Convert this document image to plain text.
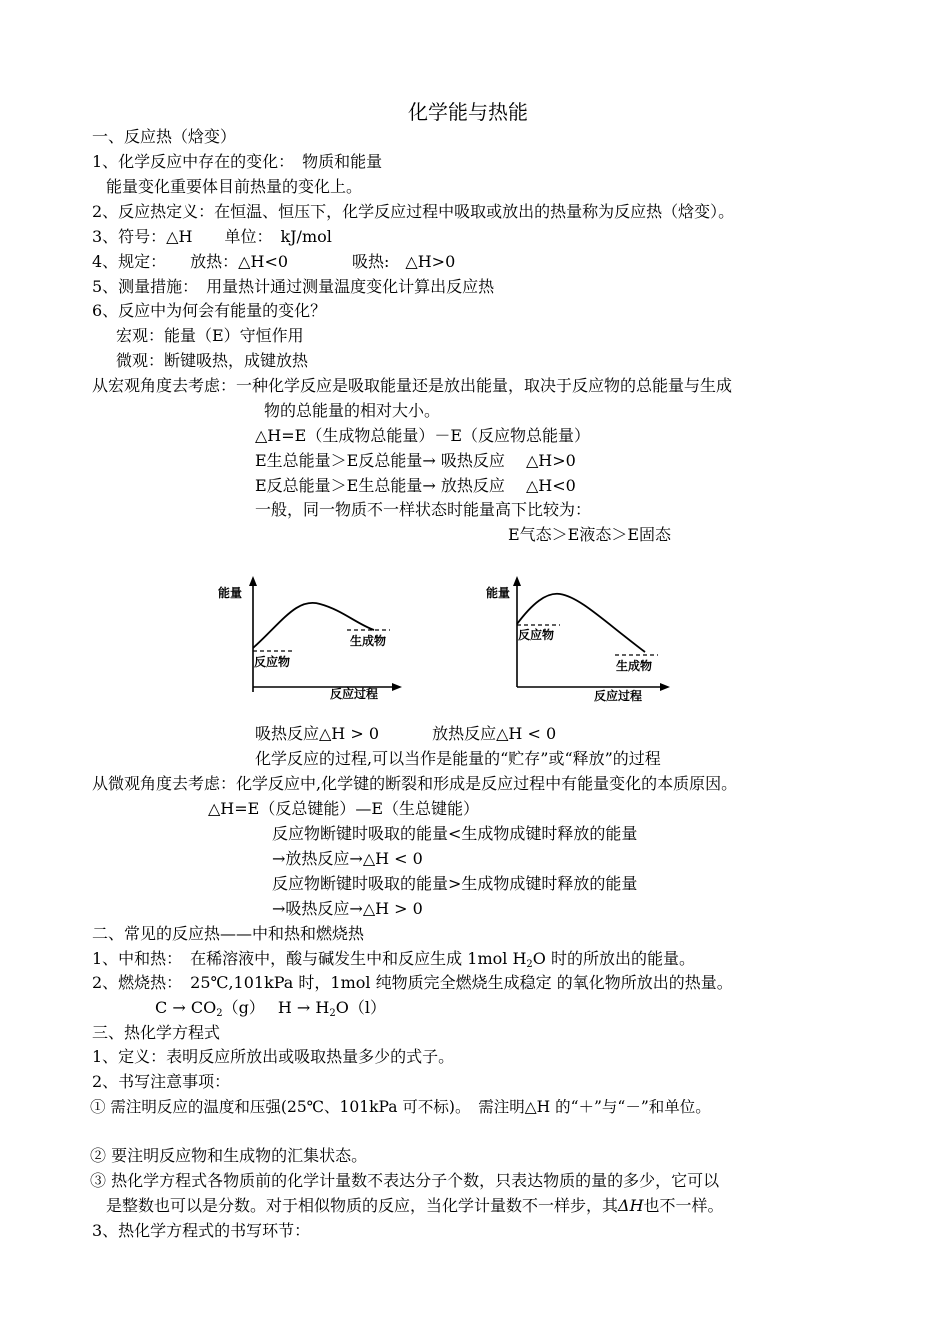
化学能与热能
一、反应热（焓变）
1、化学反应中存在的变化：　物质和能量
能量变化重要体目前热量的变化上。
2、反应热定义：在恒温、恒压下，化学反应过程中吸取或放出的热量称为反应热（焓变）。
3、符号：△H　　单位：　kJ/mol
4、规定：　　放热：△H<0　　　　吸热:　△H>0
5、测量措施：　用量热计通过测量温度变化计算出反应热
6、反应中为何会有能量的变化？
宏观：能量（E）守恒作用
微观：断键吸热，成键放热
从宏观角度去考虑：一种化学反应是吸取能量还是放出能量，取决于反应物的总能量与生成
物的总能量的相对大小。
△H=E（生成物总能量）－E（反应物总能量）
E生总能量＞E反总能量→ 吸热反应　 △H>0
E反总能量＞E生总能量→ 放热反应　 △H<0
一般，同一物质不一样状态时能量高下比较为：
E气态＞E液态＞E固态
能量
反应物
生成物
反应过程
能量
反应物
生成物
反应过程
吸热反应△H > 0　　　 放热反应△H < 0
化学反应的过程,可以当作是能量的“贮存”或“释放”的过程
从微观角度去考虑：化学反应中,化学键的断裂和形成是反应过程中有能量变化的本质原因。
△H=E（反总键能）—E（生总键能）
反应物断键时吸取的能量<生成物成键时释放的能量
→放热反应→△H < 0
反应物断键时吸取的能量>生成物成键时释放的能量
→吸热反应→△H > 0
二、常见的反应热——中和热和燃烧热
1、中和热：　在稀溶液中，酸与碱发生中和反应生成 1mol $H_2O$ 时的所放出的能量。
2、燃烧热：　25℃,101kPa 时，1mol 纯物质完全燃烧生成稳定 的氧化物所放出的热量。
$C \to CO_2(g)$　 $H \to H_2O(l)$
三、热化学方程式
1、定义：表明反应所放出或吸取热量多少的式子。
2、书写注意事项：
① 需注明反应的温度和压强(25℃、101kPa 可不标)。　需注明△H 的“＋”与“－”和单位。
② 要注明反应物和生成物的汇集状态。
③ 热化学方程式各物质前的化学计量数不表达分子个数，只表达物质的量的多少，它可以
是整数也可以是分数。对于相似物质的反应，当化学计量数不一样步，其ΔH也不一样。
3、热化学方程式的书写环节：
